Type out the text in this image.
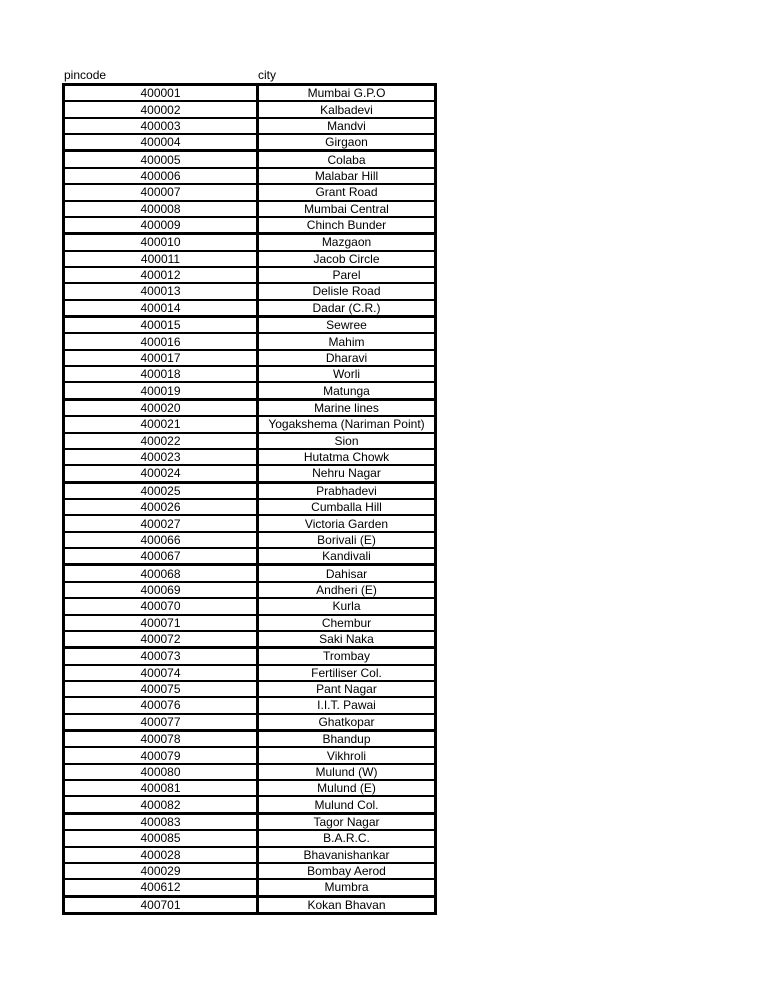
pincode	city
400001	Mumbai G.P.O
400002	Kalbadevi
400003	Mandvi
400004	Girgaon
400005	Colaba
400006	Malabar Hill
400007	Grant Road
400008	Mumbai Central
400009	Chinch Bunder
400010	Mazgaon
400011	Jacob Circle
400012	Parel
400013	Delisle Road
400014	Dadar (C.R.)
400015	Sewree
400016	Mahim
400017	Dharavi
400018	Worli
400019	Matunga
400020	Marine lines
400021	Yogakshema (Nariman Point)
400022	Sion
400023	Hutatma Chowk
400024	Nehru Nagar
400025	Prabhadevi
400026	Cumballa Hill
400027	Victoria Garden
400066	Borivali (E)
400067	Kandivali
400068	Dahisar
400069	Andheri (E)
400070	Kurla
400071	Chembur
400072	Saki Naka
400073	Trombay
400074	Fertiliser Col.
400075	Pant Nagar
400076	I.I.T. Pawai
400077	Ghatkopar
400078	Bhandup
400079	Vikhroli
400080	Mulund (W)
400081	Mulund (E)
400082	Mulund Col.
400083	Tagor Nagar
400085	B.A.R.C.
400028	Bhavanishankar
400029	Bombay Aerod
400612	Mumbra
400701	Kokan Bhavan
